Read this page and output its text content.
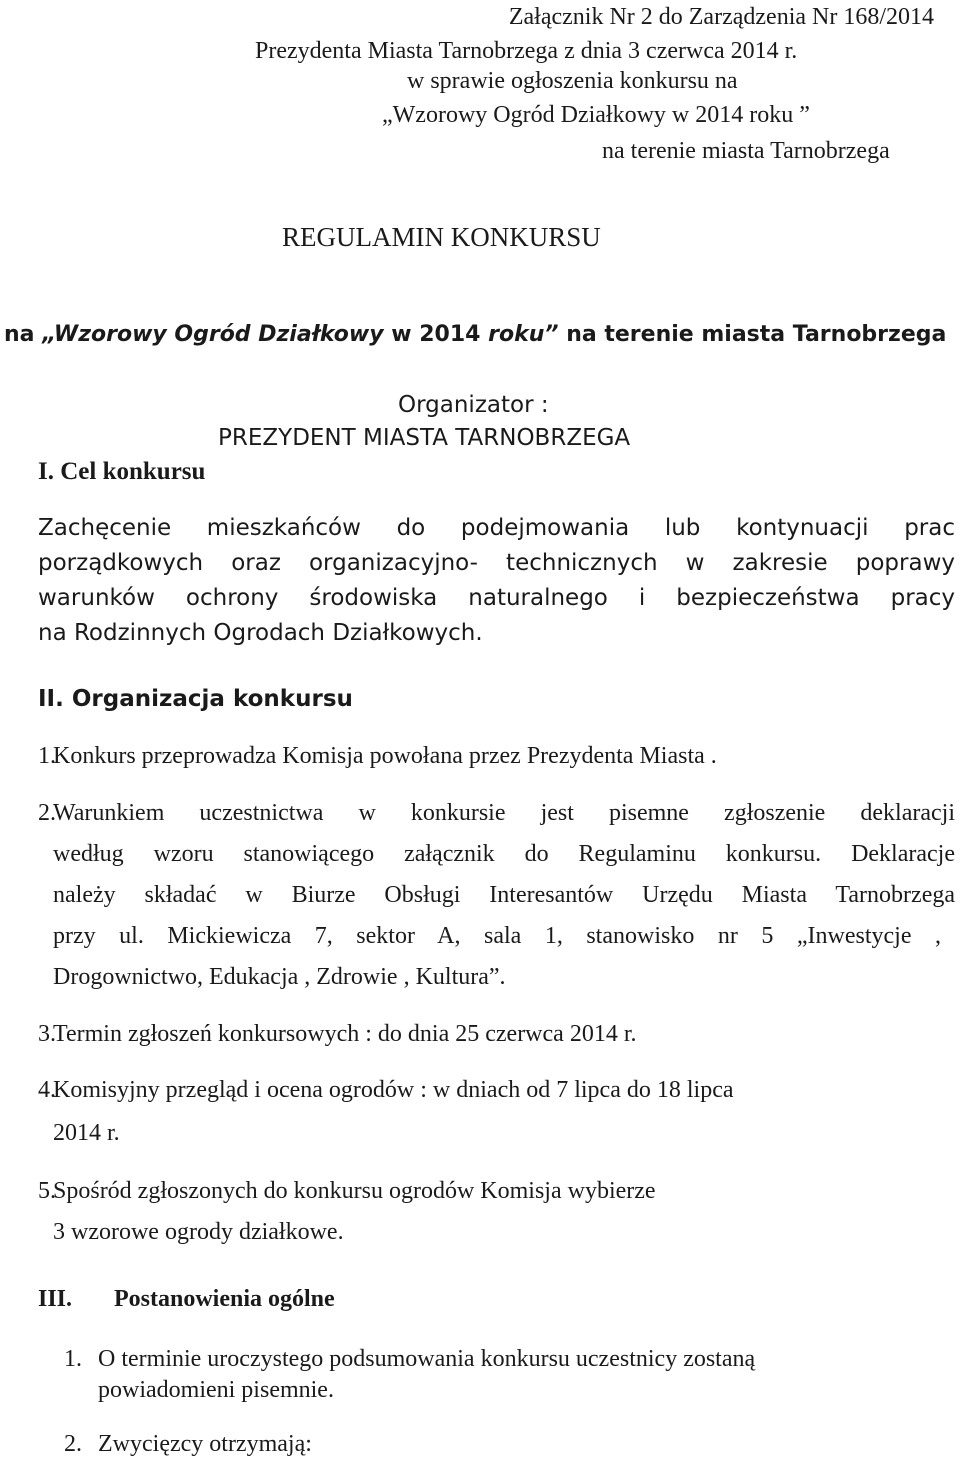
Załącznik Nr 2 do Zarządzenia Nr 168/2014
Prezydenta Miasta Tarnobrzega z dnia 3 czerwca 2014 r.
w sprawie ogłoszenia konkursu na
„Wzorowy Ogród Działkowy w 2014 roku ”
na terenie miasta Tarnobrzega
REGULAMIN KONKURSU
na „Wzorowy Ogród Działkowy w 2014 roku” na terenie miasta Tarnobrzega
Organizator :
PREZYDENT MIASTA TARNOBRZEGA
I. Cel konkursu
Zachęcenie mieszkańców do podejmowania lub kontynuacji prac
porządkowych oraz organizacyjno- technicznych w zakresie poprawy
warunków ochrony środowiska naturalnego i bezpieczeństwa pracy
na Rodzinnych Ogrodach Działkowych.
II. Organizacja konkursu
1.
Konkurs przeprowadza Komisja powołana przez Prezydenta Miasta .
2.
Warunkiem uczestnictwa w konkursie jest pisemne zgłoszenie deklaracji
według wzoru stanowiącego załącznik do Regulaminu konkursu. Deklaracje
należy składać w Biurze Obsługi Interesantów Urzędu Miasta Tarnobrzega
przy ul. Mickiewicza 7, sektor A, sala 1, stanowisko nr 5 „Inwestycje ,
Drogownictwo, Edukacja , Zdrowie , Kultura”.
3.
Termin zgłoszeń konkursowych : do dnia 25 czerwca 2014 r.
4.
Komisyjny przegląd i ocena ogrodów : w dniach od 7 lipca do 18 lipca
2014 r.
5.
Spośród zgłoszonych do konkursu ogrodów Komisja wybierze
3 wzorowe ogrody działkowe.
III. Postanowienia ogólne
1. O terminie uroczystego podsumowania konkursu uczestnicy zostaną
powiadomieni pisemnie.
2. Zwycięzcy otrzymają:
